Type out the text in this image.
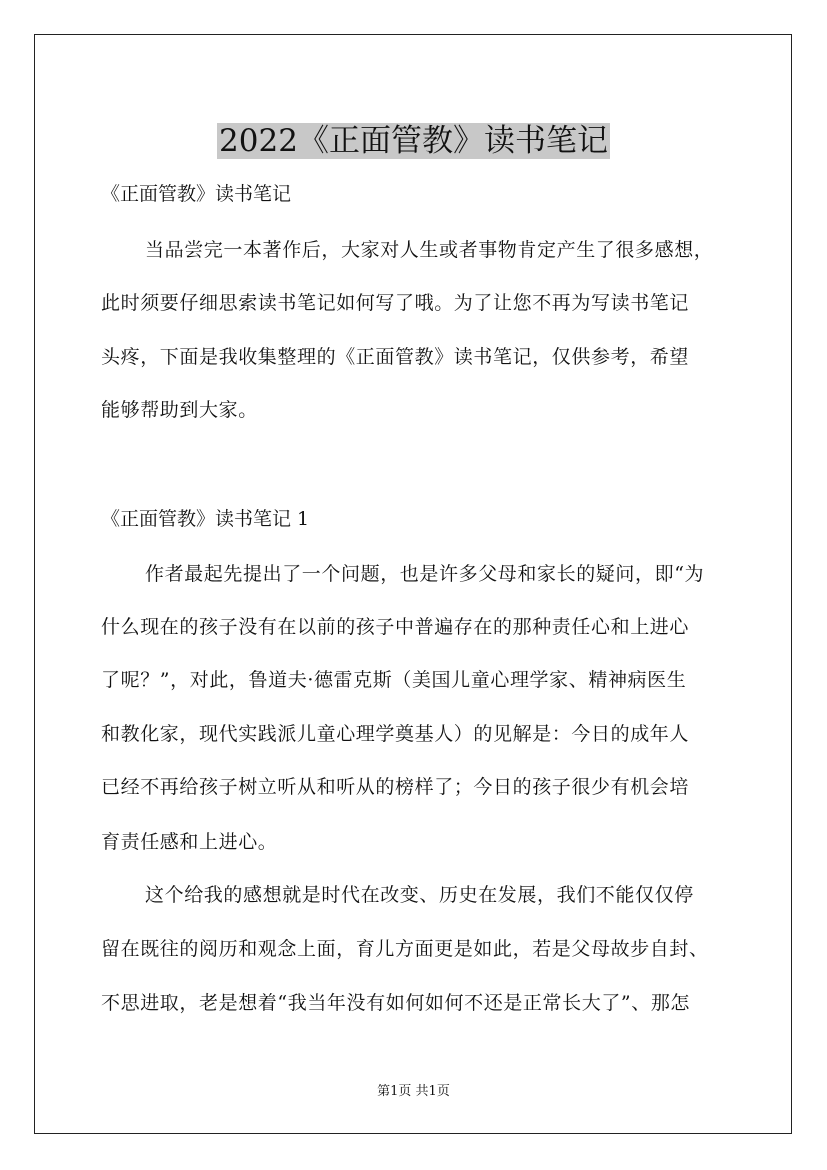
2022《正面管教》读书笔记

《正面管教》读书笔记

当品尝完一本著作后，大家对人生或者事物肯定产生了很多感想，
此时须要仔细思索读书笔记如何写了哦。为了让您不再为写读书笔记
头疼，下面是我收集整理的《正面管教》读书笔记，仅供参考，希望
能够帮助到大家。

《正面管教》读书笔记 1

作者最起先提出了一个问题，也是许多父母和家长的疑问，即“为
什么现在的孩子没有在以前的孩子中普遍存在的那种责任心和上进心
了呢？”，对此，鲁道夫·德雷克斯（美国儿童心理学家、精神病医生
和教化家，现代实践派儿童心理学奠基人）的见解是：今日的成年人
已经不再给孩子树立听从和听从的榜样了；今日的孩子很少有机会培
育责任感和上进心。
这个给我的感想就是时代在改变、历史在发展，我们不能仅仅停
留在既往的阅历和观念上面，育儿方面更是如此，若是父母故步自封、
不思进取，老是想着“我当年没有如何如何不还是正常长大了”、那怎
第1页 共1页
